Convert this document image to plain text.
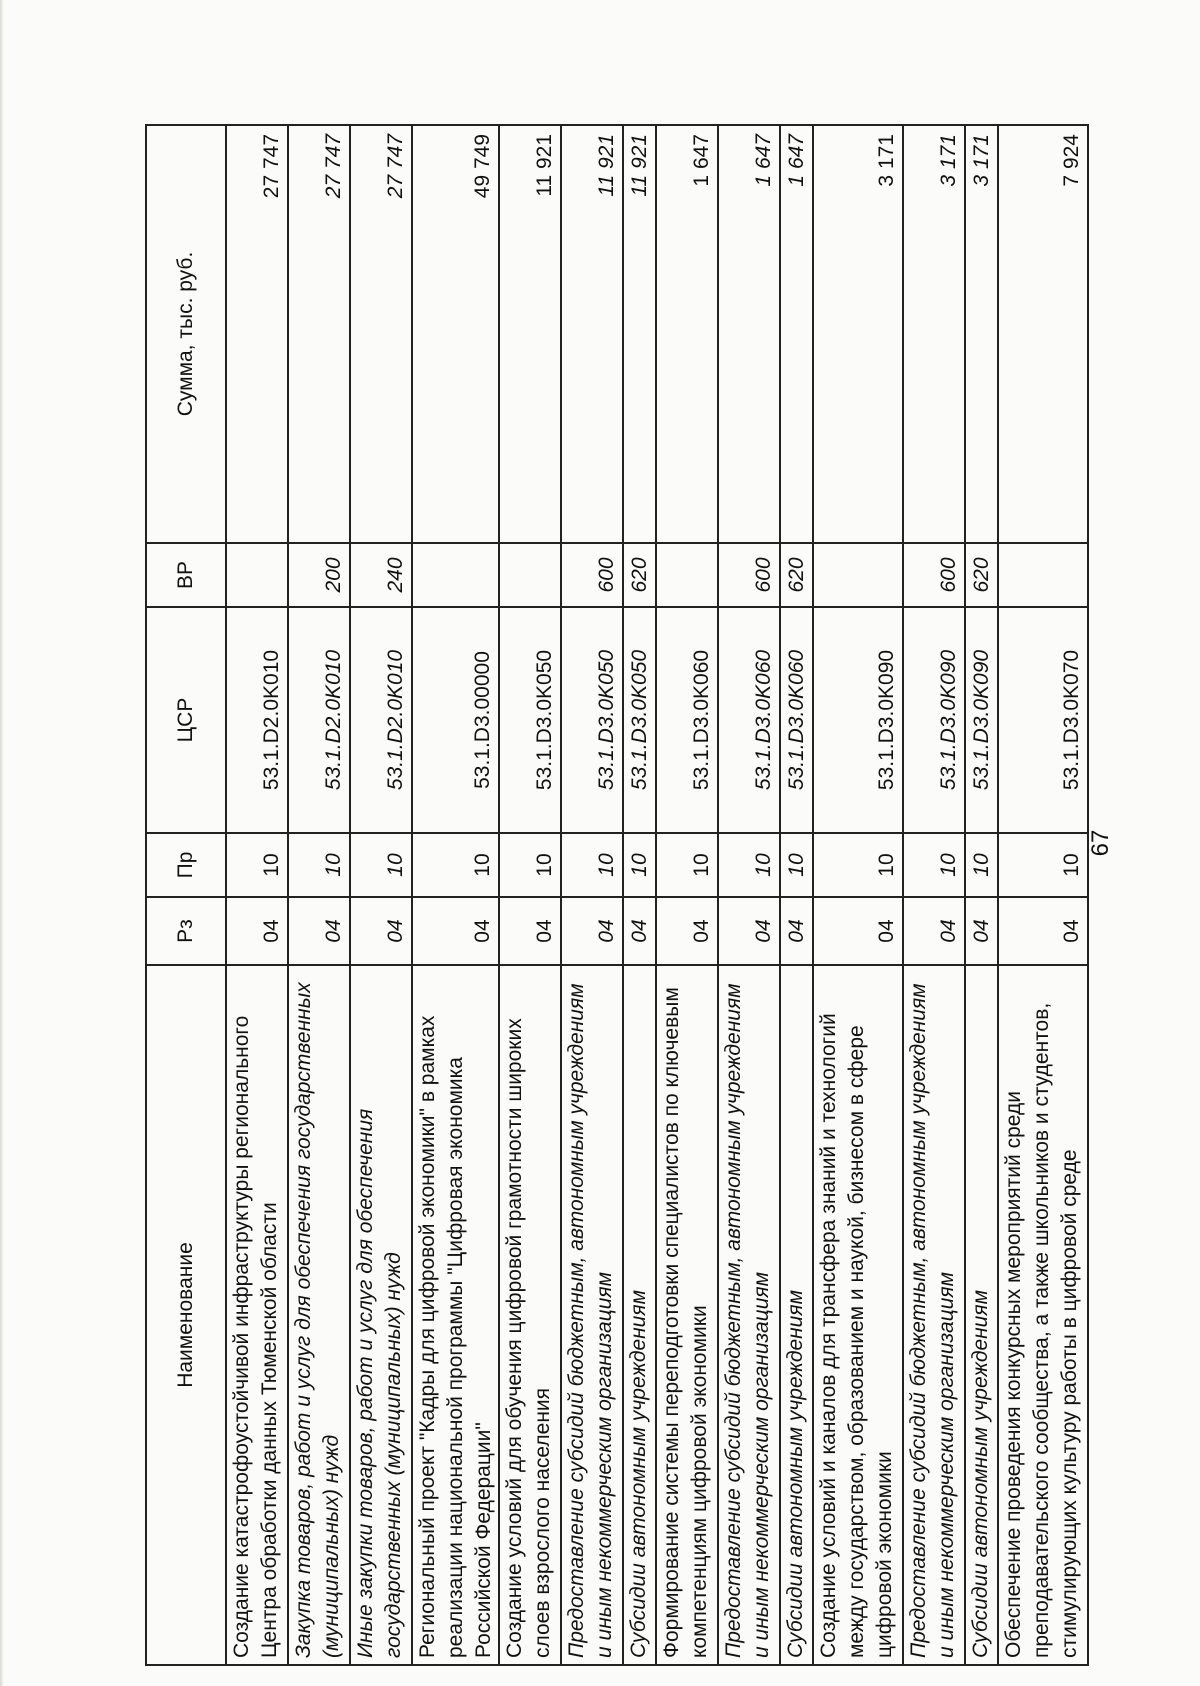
67
Наименование	Рз	Пр	ЦСР	ВР	Сумма, тыс. руб.
Создание катастрофоустойчивой инфраструктуры регионального Центра обработки данных Тюменской области	04	10	53.1.D2.0K010		27 747
Закупка товаров, работ и услуг для обеспечения государственных (муниципальных) нужд	04	10	53.1.D2.0K010	200	27 747
Иные закупки товаров, работ и услуг для обеспечения государственных (муниципальных) нужд	04	10	53.1.D2.0K010	240	27 747
Региональный проект "Кадры для цифровой экономики" в рамках реализации национальной программы "Цифровая экономика Российской Федерации"	04	10	53.1.D3.00000		49 749
Создание условий для обучения цифровой грамотности широких слоев взрослого населения	04	10	53.1.D3.0K050		11 921
Предоставление субсидий бюджетным, автономным учреждениям и иным некоммерческим организациям	04	10	53.1.D3.0K050	600	11 921
Субсидии автономным учреждениям	04	10	53.1.D3.0K050	620	11 921
Формирование системы переподготовки специалистов по ключевым компетенциям цифровой экономики	04	10	53.1.D3.0K060		1 647
Предоставление субсидий бюджетным, автономным учреждениям и иным некоммерческим организациям	04	10	53.1.D3.0K060	600	1 647
Субсидии автономным учреждениям	04	10	53.1.D3.0K060	620	1 647
Создание условий и каналов для трансфера знаний и технологий между государством, образованием и наукой, бизнесом в сфере цифровой экономики	04	10	53.1.D3.0K090		3 171
Предоставление субсидий бюджетным, автономным учреждениям и иным некоммерческим организациям	04	10	53.1.D3.0K090	600	3 171
Субсидии автономным учреждениям	04	10	53.1.D3.0K090	620	3 171
Обеспечение проведения конкурсных мероприятий среди преподавательского сообщества, а также школьников и студентов, стимулирующих культуру работы в цифровой среде	04	10	53.1.D3.0K070		7 924
